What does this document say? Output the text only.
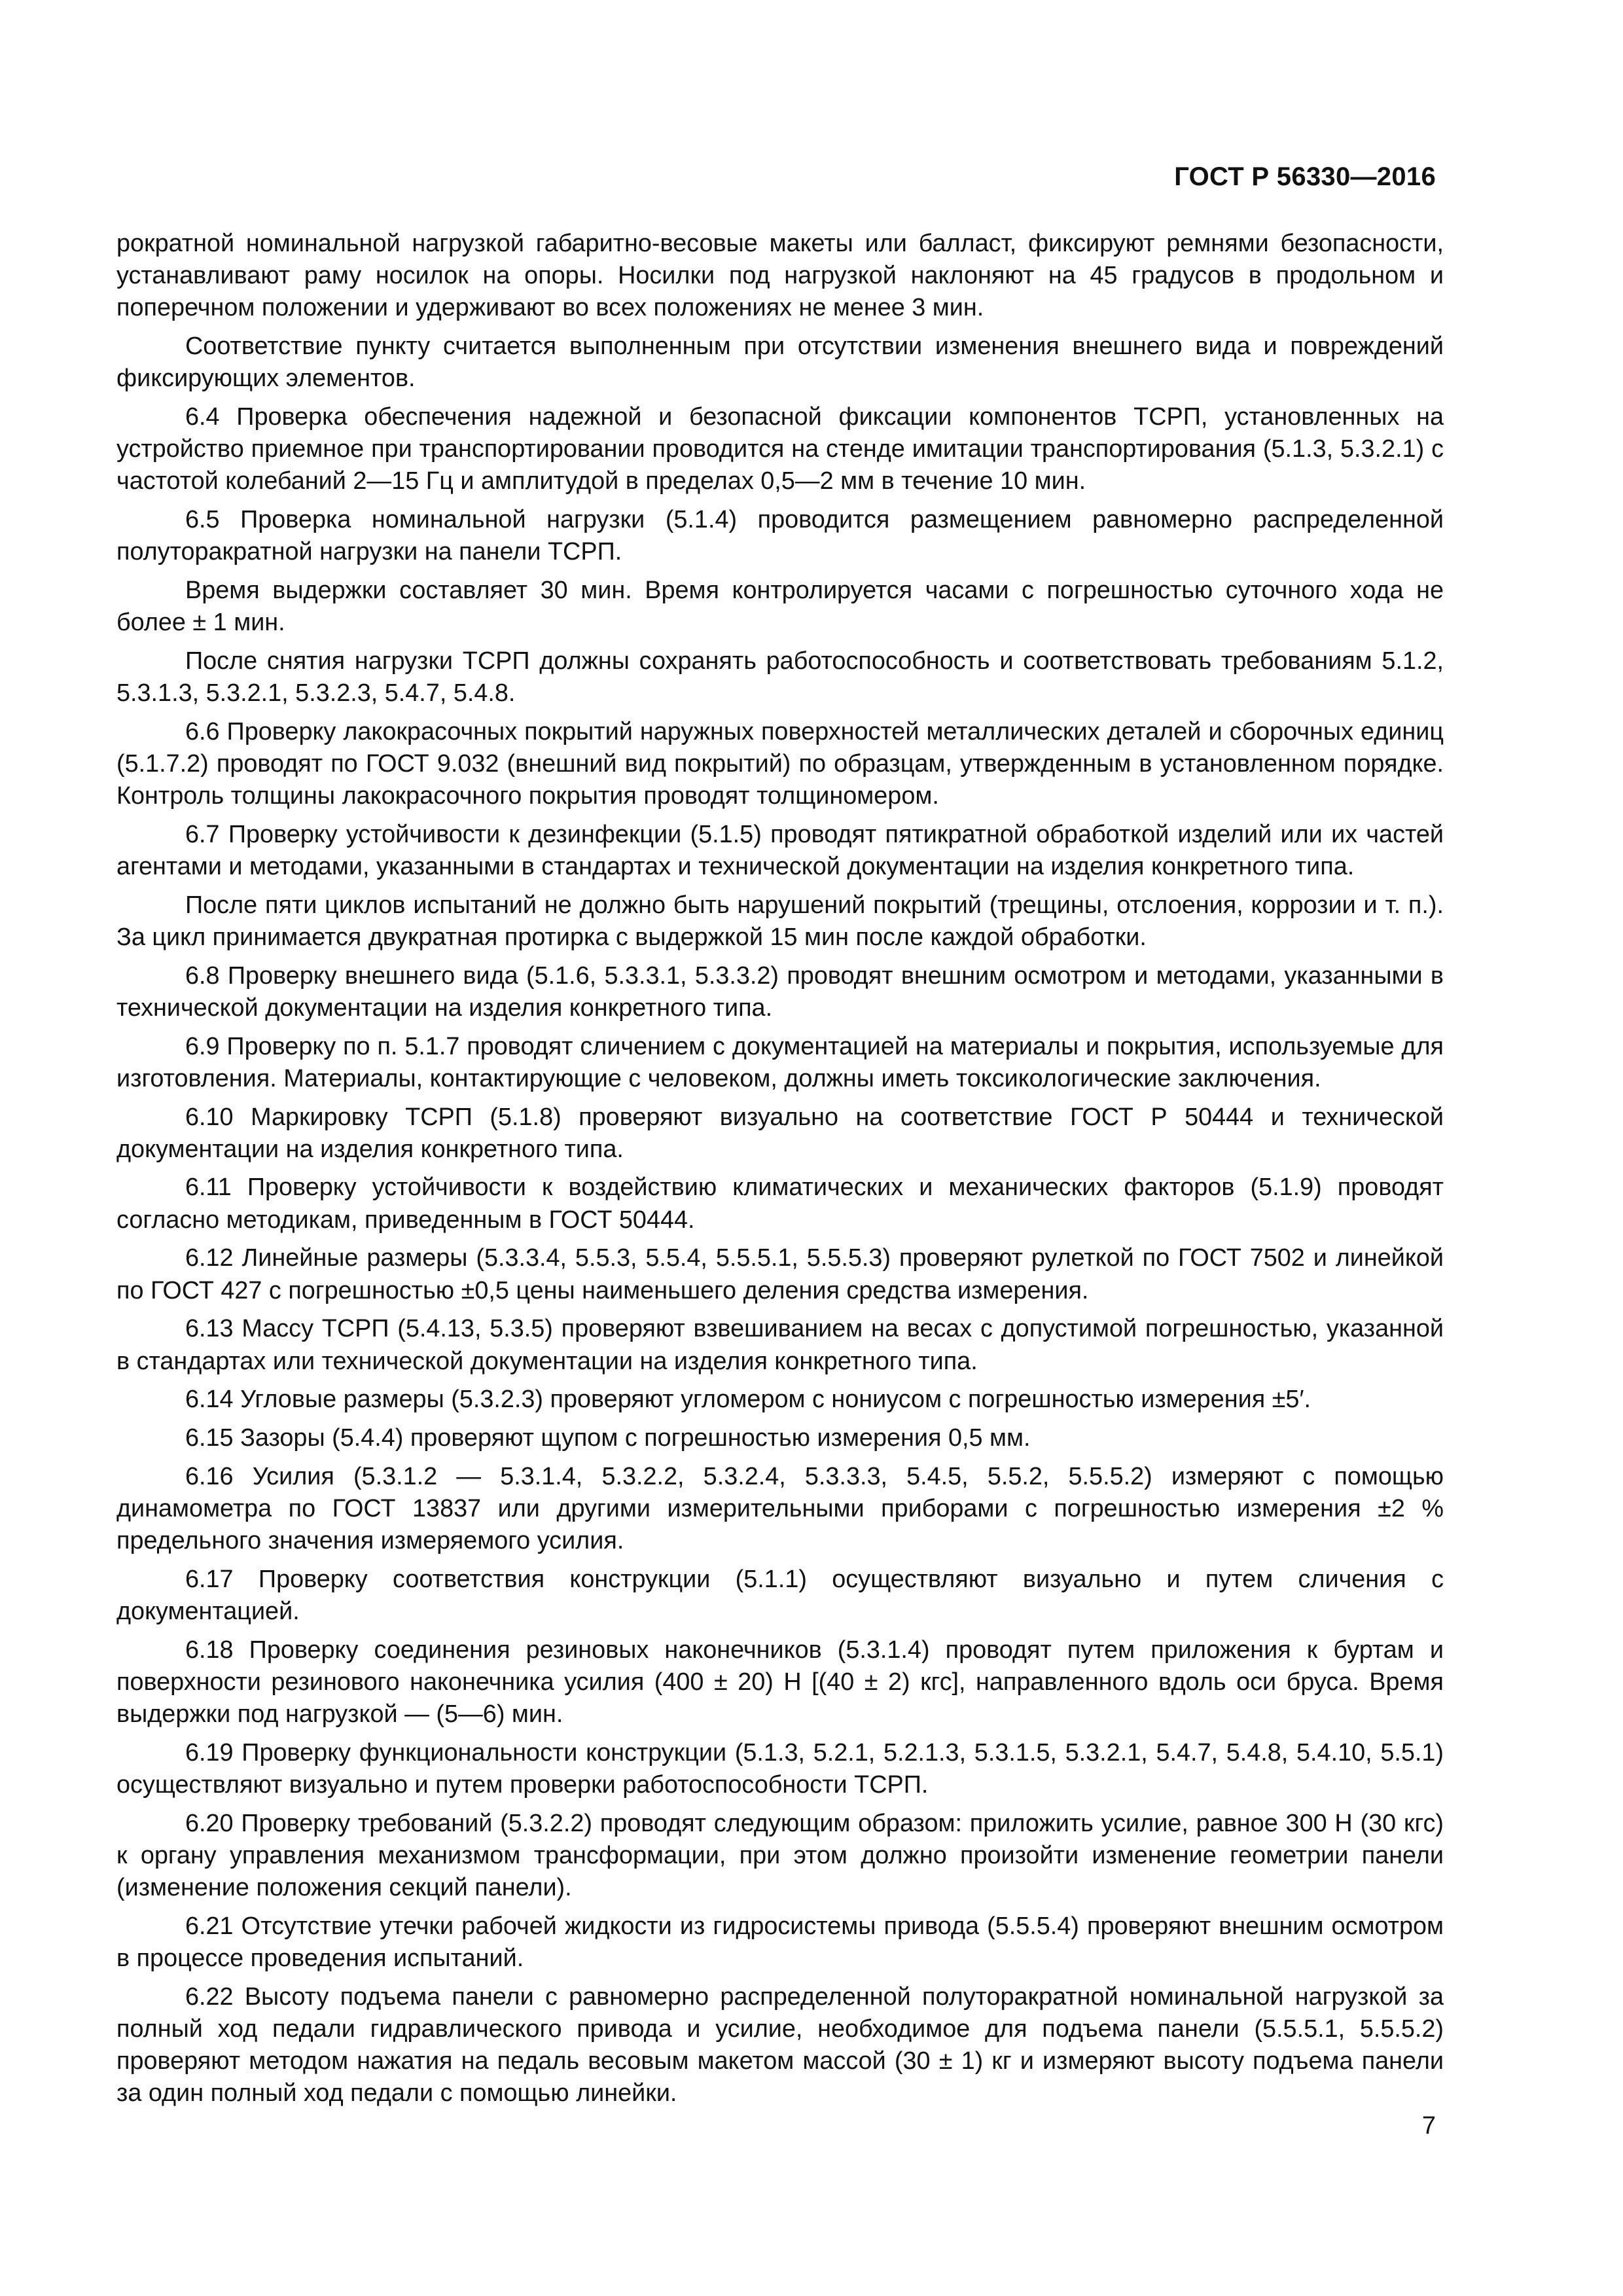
ГОСТ Р 56330—2016

рократной номинальной нагрузкой габаритно-весовые макеты или балласт, фиксируют ремнями безопасности, устанавливают раму носилок на опоры. Носилки под нагрузкой наклоняют на 45 градусов в продольном и поперечном положении и удерживают во всех положениях не менее 3 мин.

Соответствие пункту считается выполненным при отсутствии изменения внешнего вида и повреждений фиксирующих элементов.

6.4 Проверка обеспечения надежной и безопасной фиксации компонентов ТСРП, установленных на устройство приемное при транспортировании проводится на стенде имитации транспортирования (5.1.3, 5.3.2.1) с частотой колебаний 2—15 Гц и амплитудой в пределах 0,5—2 мм в течение 10 мин.

6.5 Проверка номинальной нагрузки (5.1.4) проводится размещением равномерно распределенной полуторакратной нагрузки на панели ТСРП.

Время выдержки составляет 30 мин. Время контролируется часами с погрешностью суточного хода не более ± 1 мин.

После снятия нагрузки ТСРП должны сохранять работоспособность и соответствовать требованиям 5.1.2, 5.3.1.3, 5.3.2.1, 5.3.2.3, 5.4.7, 5.4.8.

6.6 Проверку лакокрасочных покрытий наружных поверхностей металлических деталей и сборочных единиц (5.1.7.2) проводят по ГОСТ 9.032 (внешний вид покрытий) по образцам, утвержденным в установленном порядке. Контроль толщины лакокрасочного покрытия проводят толщиномером.

6.7 Проверку устойчивости к дезинфекции (5.1.5) проводят пятикратной обработкой изделий или их частей агентами и методами, указанными в стандартах и технической документации на изделия конкретного типа.

После пяти циклов испытаний не должно быть нарушений покрытий (трещины, отслоения, коррозии и т. п.). За цикл принимается двукратная протирка с выдержкой 15 мин после каждой обработки.

6.8 Проверку внешнего вида (5.1.6, 5.3.3.1, 5.3.3.2) проводят внешним осмотром и методами, указанными в технической документации на изделия конкретного типа.

6.9 Проверку по п. 5.1.7 проводят сличением с документацией на материалы и покрытия, используемые для изготовления. Материалы, контактирующие с человеком, должны иметь токсикологические заключения.

6.10 Маркировку ТСРП (5.1.8) проверяют визуально на соответствие ГОСТ Р 50444 и технической документации на изделия конкретного типа.

6.11 Проверку устойчивости к воздействию климатических и механических факторов (5.1.9) проводят согласно методикам, приведенным в ГОСТ 50444.

6.12 Линейные размеры (5.3.3.4, 5.5.3, 5.5.4, 5.5.5.1, 5.5.5.3) проверяют рулеткой по ГОСТ 7502 и линейкой по ГОСТ 427 с погрешностью ±0,5 цены наименьшего деления средства измерения.

6.13 Массу ТСРП (5.4.13, 5.3.5) проверяют взвешиванием на весах с допустимой погрешностью, указанной в стандартах или технической документации на изделия конкретного типа.

6.14 Угловые размеры (5.3.2.3) проверяют угломером с нониусом с погрешностью измерения ±5′.

6.15 Зазоры (5.4.4) проверяют щупом с погрешностью измерения 0,5 мм.

6.16 Усилия (5.3.1.2 — 5.3.1.4, 5.3.2.2, 5.3.2.4, 5.3.3.3, 5.4.5, 5.5.2, 5.5.5.2) измеряют с помощью динамометра по ГОСТ 13837 или другими измерительными приборами с погрешностью измерения ±2 % предельного значения измеряемого усилия.

6.17 Проверку соответствия конструкции (5.1.1) осуществляют визуально и путем сличения с документацией.

6.18 Проверку соединения резиновых наконечников (5.3.1.4) проводят путем приложения к буртам и поверхности резинового наконечника усилия (400 ± 20) Н [(40 ± 2) кгс], направленного вдоль оси бруса. Время выдержки под нагрузкой — (5—6) мин.

6.19 Проверку функциональности конструкции (5.1.3, 5.2.1, 5.2.1.3, 5.3.1.5, 5.3.2.1, 5.4.7, 5.4.8, 5.4.10, 5.5.1) осуществляют визуально и путем проверки работоспособности ТСРП.

6.20 Проверку требований (5.3.2.2) проводят следующим образом: приложить усилие, равное 300 Н (30 кгс) к органу управления механизмом трансформации, при этом должно произойти изменение геометрии панели (изменение положения секций панели).

6.21 Отсутствие утечки рабочей жидкости из гидросистемы привода (5.5.5.4) проверяют внешним осмотром в процессе проведения испытаний.

6.22 Высоту подъема панели с равномерно распределенной полуторакратной номинальной нагрузкой за полный ход педали гидравлического привода и усилие, необходимое для подъема панели (5.5.5.1, 5.5.5.2) проверяют методом нажатия на педаль весовым макетом массой (30 ± 1) кг и измеряют высоту подъема панели за один полный ход педали с помощью линейки.

7
